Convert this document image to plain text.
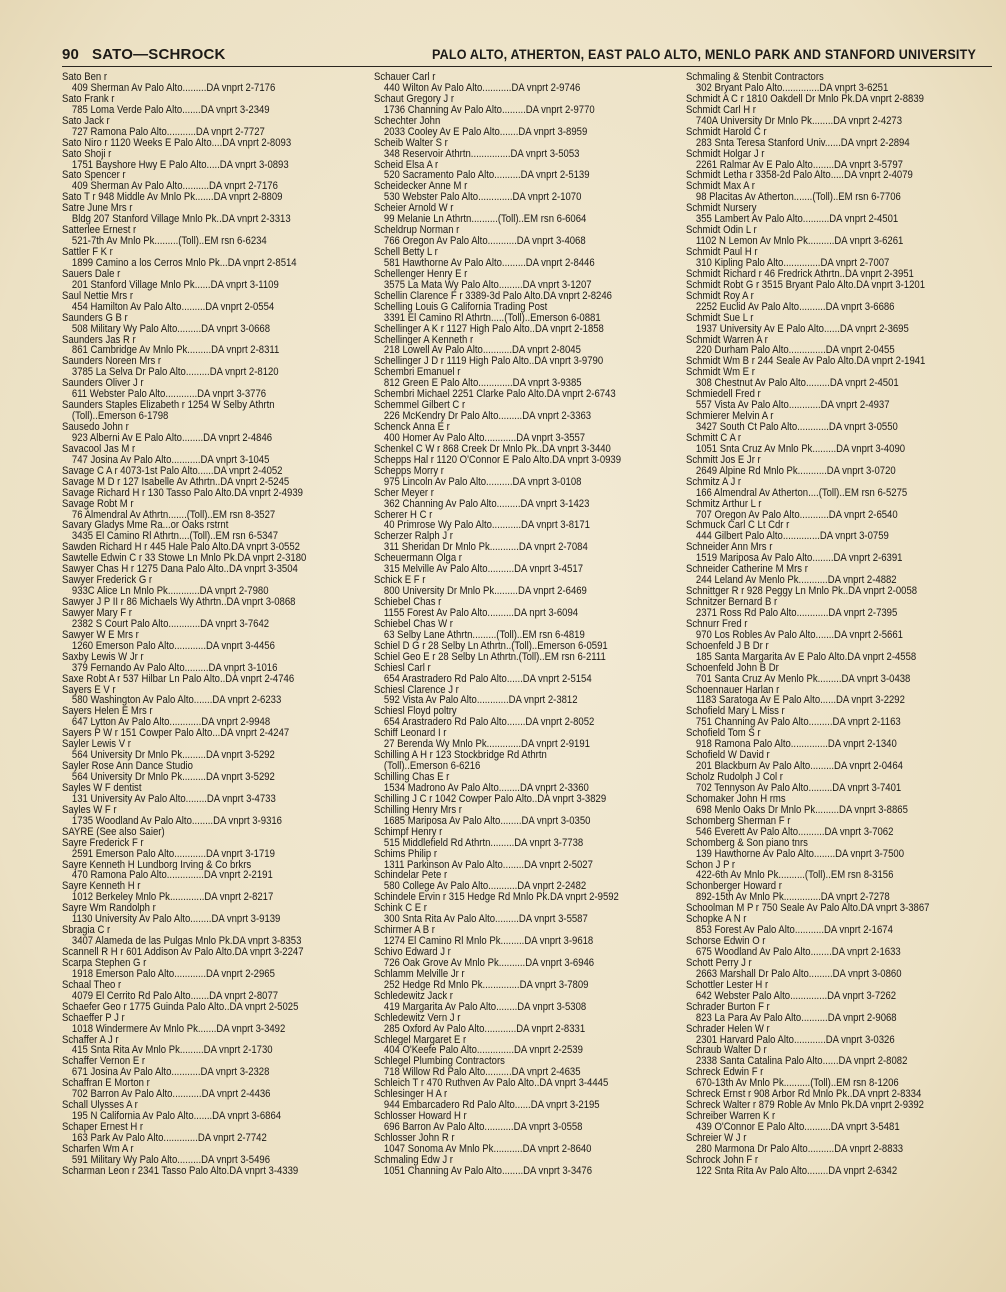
90 SATO—SCHROCK	PALO ALTO, ATHERTON, EAST PALO ALTO, MENLO PARK AND STANFORD UNIVERSITY
Sato Ben r
409 Sherman Av Palo Alto.........DA vnprt 2-7176
Sato Frank r
785 Loma Verde Palo Alto.......DA vnprt 3-2349
Sato Jack r
727 Ramona Palo Alto...........DA vnprt 2-7727
Sato Niro r 1120 Weeks E Palo Alto....DA vnprt 2-8093
Sato Shoji r
1751 Bayshore Hwy E Palo Alto.....DA vnprt 3-0893
Sato Spencer r
409 Sherman Av Palo Alto..........DA vnprt 2-7176
Sato T r 948 Middle Av Mnlo Pk.......DA vnprt 2-8809
Satre June Mrs r
Bldg 207 Stanford Village Mnlo Pk..DA vnprt 2-3313
Satterlee Ernest r
521-7th Av Mnlo Pk.........(Toll)..EM rsn 6-6234
Sattler F K r
1899 Camino a los Cerros Mnlo Pk...DA vnprt 2-8514
Sauers Dale r
201 Stanford Village Mnlo Pk......DA vnprt 3-1109
Saul Nettie Mrs r
454 Hamilton Av Palo Alto.........DA vnprt 2-0554
Saunders G B r
508 Military Wy Palo Alto.........DA vnprt 3-0668
Saunders Jas R r
861 Cambridge Av Mnlo Pk.........DA vnprt 2-8311
Saunders Noreen Mrs r
3785 La Selva Dr Palo Alto.........DA vnprt 2-8120
Saunders Oliver J r
611 Webster Palo Alto............DA vnprt 3-3776
Saunders Staples Elizabeth r 1254 W Selby Athrtn
(Toll)..Emerson 6-1798
Sausedo John r
923 Alberni Av E Palo Alto........DA vnprt 2-4846
Savacool Jas M r
747 Josina Av Palo Alto...........DA vnprt 3-1045
Savage C A r 4073-1st Palo Alto......DA vnprt 2-4052
Savage M D r 127 Isabelle Av Athrtn..DA vnprt 2-5245
Savage Richard H r 130 Tasso Palo Alto.DA vnprt 2-4939
Savage Robt M r
76 Almendral Av Athrtn.......(Toll)..EM rsn 8-3527
Savary Gladys Mme Ra...or Oaks rstrnt
3435 El Camino Rl Athrtn....(Toll)..EM rsn 6-5347
Sawden Richard H r 445 Hale Palo Alto.DA vnprt 3-0552
Sawtelle Edwin C r 33 Stowe Ln Mnlo Pk.DA vnprt 2-3180
Sawyer Chas H r 1275 Dana Palo Alto..DA vnprt 3-3504
Sawyer Frederick G r
933C Alice Ln Mnlo Pk............DA vnprt 2-7980
Sawyer J P II r 86 Michaels Wy Athrtn..DA vnprt 3-0868
Sawyer Mary F r
2382 S Court Palo Alto............DA vnprt 3-7642
Sawyer W E Mrs r
1260 Emerson Palo Alto............DA vnprt 3-4456
Saxby Lewis W Jr r
379 Fernando Av Palo Alto.........DA vnprt 3-1016
Saxe Robt A r 537 Hilbar Ln Palo Alto..DA vnprt 2-4746
Sayers E V r
580 Washington Av Palo Alto.......DA vnprt 2-6233
Sayers Helen E Mrs r
647 Lytton Av Palo Alto............DA vnprt 2-9948
Sayers P W r 151 Cowper Palo Alto...DA vnprt 2-4247
Sayler Lewis V r
564 University Dr Mnlo Pk.........DA vnprt 3-5292
Sayler Rose Ann Dance Studio
564 University Dr Mnlo Pk.........DA vnprt 3-5292
Sayles W F dentist
131 University Av Palo Alto........DA vnprt 3-4733
Sayles W F r
1735 Woodland Av Palo Alto........DA vnprt 3-9316
SAYRE (See also Saier)
Sayre Frederick F r
2591 Emerson Palo Alto............DA vnprt 3-1719
Sayre Kenneth H Lundborg Irving & Co brkrs
470 Ramona Palo Alto..............DA vnprt 2-2191
Sayre Kenneth H r
1012 Berkeley Mnlo Pk.............DA vnprt 2-8217
Sayre Wm Randolph r
1130 University Av Palo Alto........DA vnprt 3-9139
Sbragia C r
3407 Alameda de las Pulgas Mnlo Pk.DA vnprt 3-8353
Scannell R H r 601 Addison Av Palo Alto.DA vnprt 3-2247
Scarpa Stephen G r
1918 Emerson Palo Alto............DA vnprt 2-2965
Schaal Theo r
4079 El Cerrito Rd Palo Alto.......DA vnprt 2-8077
Schaefer Geo r 1775 Guinda Palo Alto..DA vnprt 2-5025
Schaeffer P J r
1018 Windermere Av Mnlo Pk.......DA vnprt 3-3492
Schaffer A J r
415 Snta Rita Av Mnlo Pk.........DA vnprt 2-1730
Schaffer Vernon E r
671 Josina Av Palo Alto...........DA vnprt 3-2328
Schaffran E Morton r
702 Barron Av Palo Alto...........DA vnprt 2-4436
Schall Ulysses A r
195 N California Av Palo Alto.......DA vnprt 3-6864
Schaper Ernest H r
163 Park Av Palo Alto.............DA vnprt 2-7742
Scharfen Wm A r
591 Military Wy Palo Alto.........DA vnprt 3-5496
Scharman Leon r 2341 Tasso Palo Alto.DA vnprt 3-4339
Schauer Carl r
440 Wilton Av Palo Alto...........DA vnprt 2-9746
Schaut Gregory J r
1736 Channing Av Palo Alto.........DA vnprt 2-9770
Schechter John
2033 Cooley Av E Palo Alto.......DA vnprt 3-8959
Scheib Walter S r
348 Reservoir Athrtn...............DA vnprt 3-5053
Scheid Elsa A r
520 Sacramento Palo Alto..........DA vnprt 2-5139
Scheidecker Anne M r
530 Webster Palo Alto.............DA vnprt 2-1070
Scheier Arnold W r
99 Melanie Ln Athrtn..........(Toll)..EM rsn 6-6064
Scheldrup Norman r
766 Oregon Av Palo Alto...........DA vnprt 3-4068
Schell Betty L r
581 Hawthorne Av Palo Alto.........DA vnprt 2-8446
Schellenger Henry E r
3575 La Mata Wy Palo Alto.........DA vnprt 3-1207
Schellin Clarence F r 3389-3d Palo Alto.DA vnprt 2-8246
Schelling Louis G California Trading Post
3391 El Camino Rl Athrtn.....(Toll)..Emerson 6-0881
Schellinger A K r 1127 High Palo Alto..DA vnprt 2-1858
Schellinger A Kenneth r
218 Lowell Av Palo Alto...........DA vnprt 2-8045
Schellinger J D r 1119 High Palo Alto..DA vnprt 3-9790
Schembri Emanuel r
812 Green E Palo Alto.............DA vnprt 3-9385
Schembri Michael 2251 Clarke Palo Alto.DA vnprt 2-6743
Schemmel Gilbert C r
226 McKendry Dr Palo Alto.........DA vnprt 2-3363
Schenck Anna E r
400 Homer Av Palo Alto............DA vnprt 3-3557
Schenkel C W r 868 Creek Dr Mnlo Pk..DA vnprt 3-3440
Schepps Hal r 1120 O'Connor E Palo Alto.DA vnprt 3-0939
Schepps Morry r
975 Lincoln Av Palo Alto..........DA vnprt 3-0108
Scher Meyer r
362 Channing Av Palo Alto.........DA vnprt 3-1423
Scherer H C r
40 Primrose Wy Palo Alto...........DA vnprt 3-8171
Scherzer Ralph J r
311 Sheridan Dr Mnlo Pk...........DA vnprt 2-7084
Scheuermann Olga r
315 Melville Av Palo Alto..........DA vnprt 3-4517
Schick E F r
800 University Dr Mnlo Pk.........DA vnprt 2-6469
Schiebel Chas r
1155 Forest Av Palo Alto..........DA nprt 3-6094
Schiebel Chas W r
63 Selby Lane Athrtn.........(Toll)..EM rsn 6-4819
Schiel D G r 28 Selby Ln Athrtn..(Toll)..Emerson 6-0591
Schiel Geo E r 28 Selby Ln Athrtn.(Toll)..EM rsn 6-2111
Schiesl Carl r
654 Arastradero Rd Palo Alto......DA vnprt 2-5154
Schiesl Clarence J r
592 Vista Av Palo Alto............DA vnprt 2-3812
Schiesl Floyd poltry
654 Arastradero Rd Palo Alto.......DA vnprt 2-8052
Schiff Leonard I r
27 Berenda Wy Mnlo Pk.............DA vnprt 2-9191
Schilling A H r 123 Stockbridge Rd Athrtn
(Toll)..Emerson 6-6216
Schilling Chas E r
1534 Madrono Av Palo Alto........DA vnprt 2-3360
Schilling J C r 1042 Cowper Palo Alto..DA vnprt 3-3829
Schilling Henry Mrs r
1685 Mariposa Av Palo Alto........DA vnprt 3-0350
Schimpf Henry r
515 Middlefield Rd Athrtn.........DA vnprt 3-7738
Schims Philip r
1311 Parkinson Av Palo Alto........DA vnprt 2-5027
Schindelar Pete r
580 College Av Palo Alto...........DA vnprt 2-2482
Schindele Ervin r 315 Hedge Rd Mnlo Pk.DA vnprt 2-9592
Schink C E r
300 Snta Rita Av Palo Alto.........DA vnprt 3-5587
Schirmer A B r
1274 El Camino Rl Mnlo Pk.........DA vnprt 3-9618
Schivo Edward J r
726 Oak Grove Av Mnlo Pk..........DA vnprt 3-6946
Schlamm Melville Jr r
252 Hedge Rd Mnlo Pk..............DA vnprt 3-7809
Schledewitz Jack r
419 Margarita Av Palo Alto........DA vnprt 3-5308
Schledewitz Vern J r
285 Oxford Av Palo Alto............DA vnprt 2-8331
Schlegel Margaret E r
404 O'Keefe Palo Alto..............DA vnprt 2-2539
Schlegel Plumbing Contractors
718 Willow Rd Palo Alto..........DA vnprt 2-4635
Schleich T r 470 Ruthven Av Palo Alto..DA vnprt 3-4445
Schlesinger H A r
944 Embarcadero Rd Palo Alto......DA vnprt 3-2195
Schlosser Howard H r
696 Barron Av Palo Alto...........DA vnprt 3-0558
Schlosser John R r
1047 Sonoma Av Mnlo Pk...........DA vnprt 2-8640
Schmaling Edw J r
1051 Channing Av Palo Alto........DA vnprt 3-3476
Schmaling & Stenbit Contractors
302 Bryant Palo Alto..............DA vnprt 3-6251
Schmidt A C r 1810 Oakdell Dr Mnlo Pk.DA vnprt 2-8839
Schmidt Carl H r
740A University Dr Mnlo Pk........DA vnprt 2-4273
Schmidt Harold C r
283 Snta Teresa Stanford Univ......DA vnprt 2-2894
Schmidt Holgar J r
2261 Ralmar Av E Palo Alto........DA vnprt 3-5797
Schmidt Letha r 3358-2d Palo Alto.....DA vnprt 2-4079
Schmidt Max A r
98 Placitas Av Atherton.......(Toll)..EM rsn 6-7706
Schmidt Nursery
355 Lambert Av Palo Alto..........DA vnprt 2-4501
Schmidt Odin L r
1102 N Lemon Av Mnlo Pk..........DA vnprt 3-6261
Schmidt Paul H r
310 Kipling Palo Alto..............DA vnprt 2-7007
Schmidt Richard r 46 Fredrick Athrtn..DA vnprt 2-3951
Schmidt Robt G r 3515 Bryant Palo Alto.DA vnprt 3-1201
Schmidt Roy A r
2252 Euclid Av Palo Alto..........DA vnprt 3-6686
Schmidt Sue L r
1937 University Av E Palo Alto......DA vnprt 2-3695
Schmidt Warren A r
220 Durham Palo Alto..............DA vnprt 2-0455
Schmidt Wm B r 244 Seale Av Palo Alto.DA vnprt 2-1941
Schmidt Wm E r
308 Chestnut Av Palo Alto.........DA vnprt 2-4501
Schmiedell Fred r
557 Vista Av Palo Alto............DA vnprt 2-4937
Schmierer Melvin A r
3427 South Ct Palo Alto............DA vnprt 3-0550
Schmitt C A r
1051 Snta Cruz Av Mnlo Pk.........DA vnprt 3-4090
Schmitt Jos E Jr r
2649 Alpine Rd Mnlo Pk...........DA vnprt 3-0720
Schmitz A J r
166 Almendral Av Atherton....(Toll)..EM rsn 6-5275
Schmitz Arthur L r
707 Oregon Av Palo Alto...........DA vnprt 2-6540
Schmuck Carl C Lt Cdr r
444 Gilbert Palo Alto..............DA vnprt 3-0759
Schneider Ann Mrs r
1519 Mariposa Av Palo Alto........DA vnprt 2-6391
Schneider Catherine M Mrs r
244 Leland Av Menlo Pk...........DA vnprt 2-4882
Schnittger R r 928 Peggy Ln Mnlo Pk..DA vnprt 2-0058
Schnitzer Bernard B r
2371 Ross Rd Palo Alto............DA vnprt 2-7395
Schnurr Fred r
970 Los Robles Av Palo Alto.......DA vnprt 2-5661
Schoenfeld J B Dr r
185 Santa Margarita Av E Palo Alto.DA vnprt 2-4558
Schoenfeld John B Dr
701 Santa Cruz Av Menlo Pk.........DA vnprt 3-0438
Schoennauer Harlan r
1183 Saratoga Av E Palo Alto......DA vnprt 3-2292
Schofield Mary L Miss r
751 Channing Av Palo Alto.........DA vnprt 2-1163
Schofield Tom S r
918 Ramona Palo Alto..............DA vnprt 2-1340
Schofield W David r
201 Blackburn Av Palo Alto.........DA vnprt 2-0464
Scholz Rudolph J Col r
702 Tennyson Av Palo Alto.........DA vnprt 3-7401
Schomaker John H rms
698 Menlo Oaks Dr Mnlo Pk.........DA vnprt 3-8865
Schomberg Sherman F r
546 Everett Av Palo Alto..........DA vnprt 3-7062
Schomberg & Son piano tnrs
139 Hawthorne Av Palo Alto........DA vnprt 3-7500
Schon J P r
422-6th Av Mnlo Pk..........(Toll)..EM rsn 8-3156
Schonberger Howard r
892-15th Av Mnlo Pk..............DA vnprt 2-7278
Schoolman M P r 750 Seale Av Palo Alto.DA vnprt 3-3867
Schopke A N r
853 Forest Av Palo Alto...........DA vnprt 2-1674
Schorse Edwin O r
675 Woodland Av Palo Alto........DA vnprt 2-1633
Schott Perry J r
2663 Marshall Dr Palo Alto.........DA vnprt 3-0860
Schottler Lester H r
642 Webster Palo Alto..............DA vnprt 3-7262
Schrader Burton F r
823 La Para Av Palo Alto..........DA vnprt 2-9068
Schrader Helen W r
2301 Harvard Palo Alto............DA vnprt 3-0326
Schraub Walter D r
2338 Santa Catalina Palo Alto......DA vnprt 2-8082
Schreck Edwin F r
670-13th Av Mnlo Pk..........(Toll)..EM rsn 8-1206
Schreck Ernst r 908 Arbor Rd Mnlo Pk..DA vnprt 2-8334
Schreck Walter r 879 Roble Av Mnlo Pk.DA vnprt 2-9392
Schreiber Warren K r
439 O'Connor E Palo Alto..........DA vnprt 3-5481
Schreier W J r
280 Marmona Dr Palo Alto..........DA vnprt 2-8833
Schrock John F r
122 Snta Rita Av Palo Alto........DA vnprt 2-6342
